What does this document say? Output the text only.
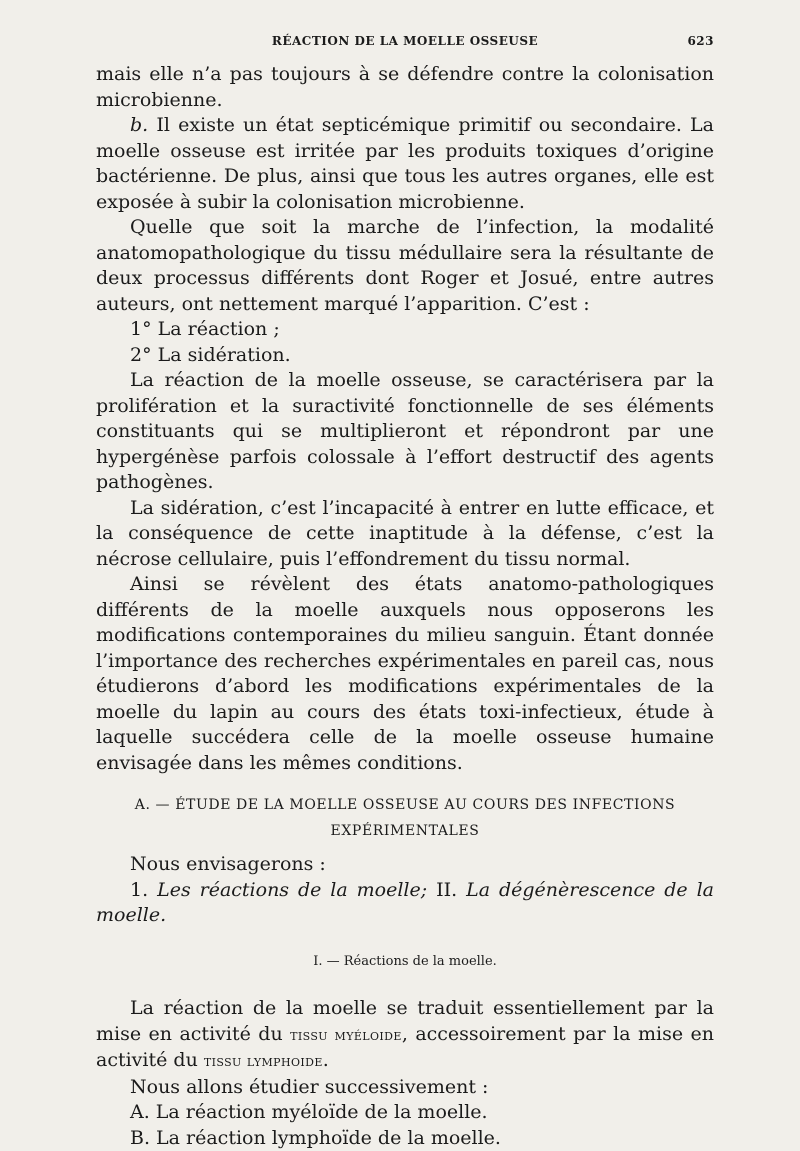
RÉACTION DE LA MOELLE OSSEUSE	623

mais elle n’a pas toujours à se défendre contre la colonisation microbienne.

b. Il existe un état septicémique primitif ou secondaire. La moelle osseuse est irritée par les produits toxiques d’origine bactérienne. De plus, ainsi que tous les autres organes, elle est exposée à subir la colonisation microbienne.

Quelle que soit la marche de l’infection, la modalité anatomopathologique du tissu médullaire sera la résultante de deux processus différents dont Roger et Josué, entre autres auteurs, ont nettement marqué l’apparition. C’est :

1° La réaction ;

2° La sidération.

La réaction de la moelle osseuse, se caractérisera par la prolifération et la suractivité fonctionnelle de ses éléments constituants qui se multiplieront et répondront par une hypergénèse parfois colossale à l’effort destructif des agents pathogènes.

La sidération, c’est l’incapacité à entrer en lutte efficace, et la conséquence de cette inaptitude à la défense, c’est la nécrose cellulaire, puis l’effondrement du tissu normal.

Ainsi se révèlent des états anatomo-pathologiques différents de la moelle auxquels nous opposerons les modifications contemporaines du milieu sanguin. Étant donnée l’importance des recherches expérimentales en pareil cas, nous étudierons d’abord les modifications expérimentales de la moelle du lapin au cours des états toxi-infectieux, étude à laquelle succédera celle de la moelle osseuse humaine envisagée dans les mêmes conditions.

A. — ÉTUDE DE LA MOELLE OSSEUSE AU COURS DES INFECTIONS
EXPÉRIMENTALES

Nous envisagerons :

1. Les réactions de la moelle; II. La dégénèrescence de la moelle.

I. — Réactions de la moelle.

La réaction de la moelle se traduit essentiellement par la mise en activité du tissu myéloide, accessoirement par la mise en activité du tissu lymphoide.

Nous allons étudier successivement :

A. La réaction myéloïde de la moelle.

B. La réaction lymphoïde de la moelle.
